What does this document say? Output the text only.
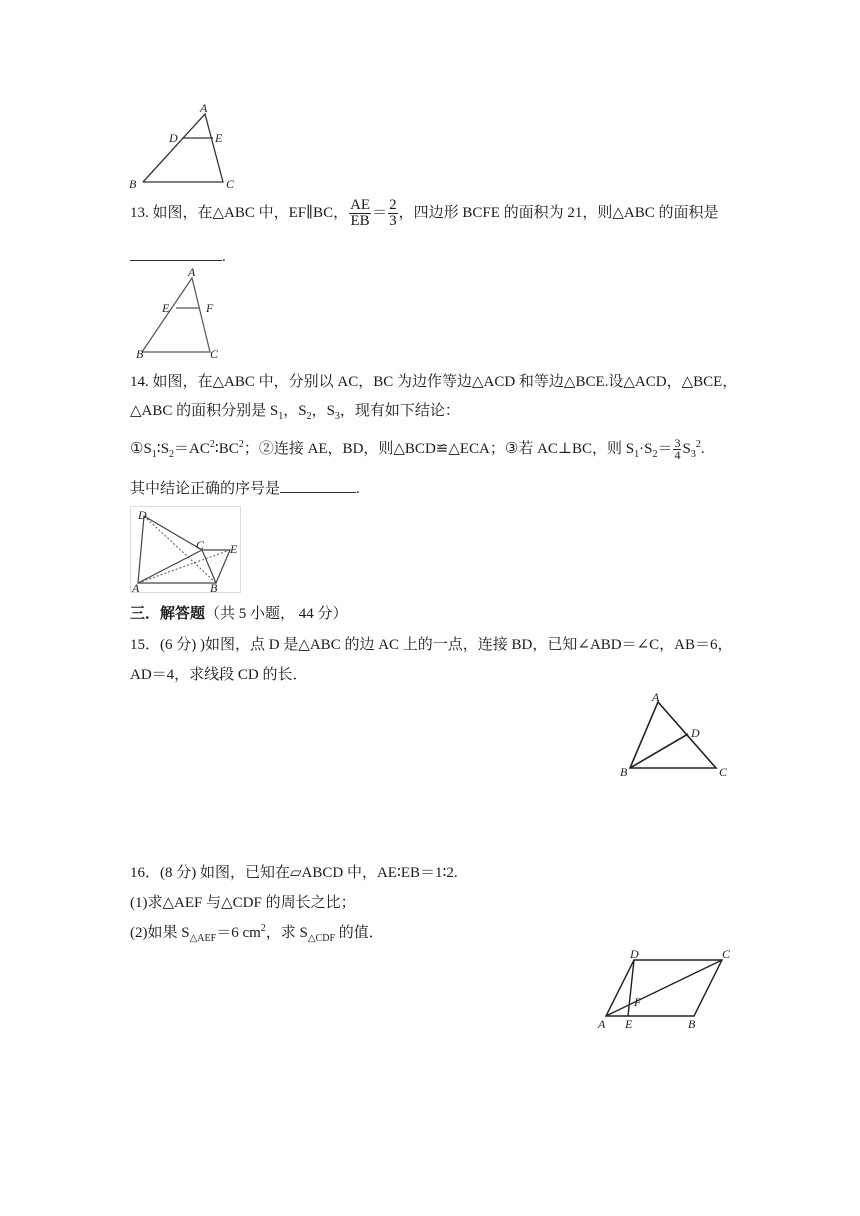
A
D	E
B	C
13. 如图，在△ABC 中，EF∥BC， $\frac{AE}{EB} = \frac{2}{3}$ ，四边形 BCFE 的面积为 21，则△ABC 的面积是
.
A
E	F
B	C
14. 如图，在△ABC 中，分别以 AC，BC 为边作等边△ACD 和等边△BCE.设△ACD，△BCE，
△ABC 的面积分别是 $S_1$，$S_2$，$S_3$，现有如下结论：
$①S_1∶S_2=AC^2∶BC^2$；②连接 AE，BD，则△BCD≌△ECA；③若 AC⊥BC，则 $S_1\cdot S_2= \frac{3}{4} S_3^2$.
其中结论正确的序号是	.
D
C E
A	B
三．解答题（共 5 小题， 44 分）
15．(6 分) )如图，点 D 是△ABC 的边 AC 上的一点，连接 BD，已知∠ABD＝∠C，AB＝6，
AD＝4，求线段 CD 的长．
A
D
B	C
16．(8 分) 如图，已知在▱ABCD 中，AE∶EB＝1∶2.
(1)求△AEF 与△CDF 的周长之比；
(2)如果 $S_{\triangle AEF}=6$ $cm^2$，求 $S_{\triangle CDF}$ 的值．
D	C
F
A E	B
